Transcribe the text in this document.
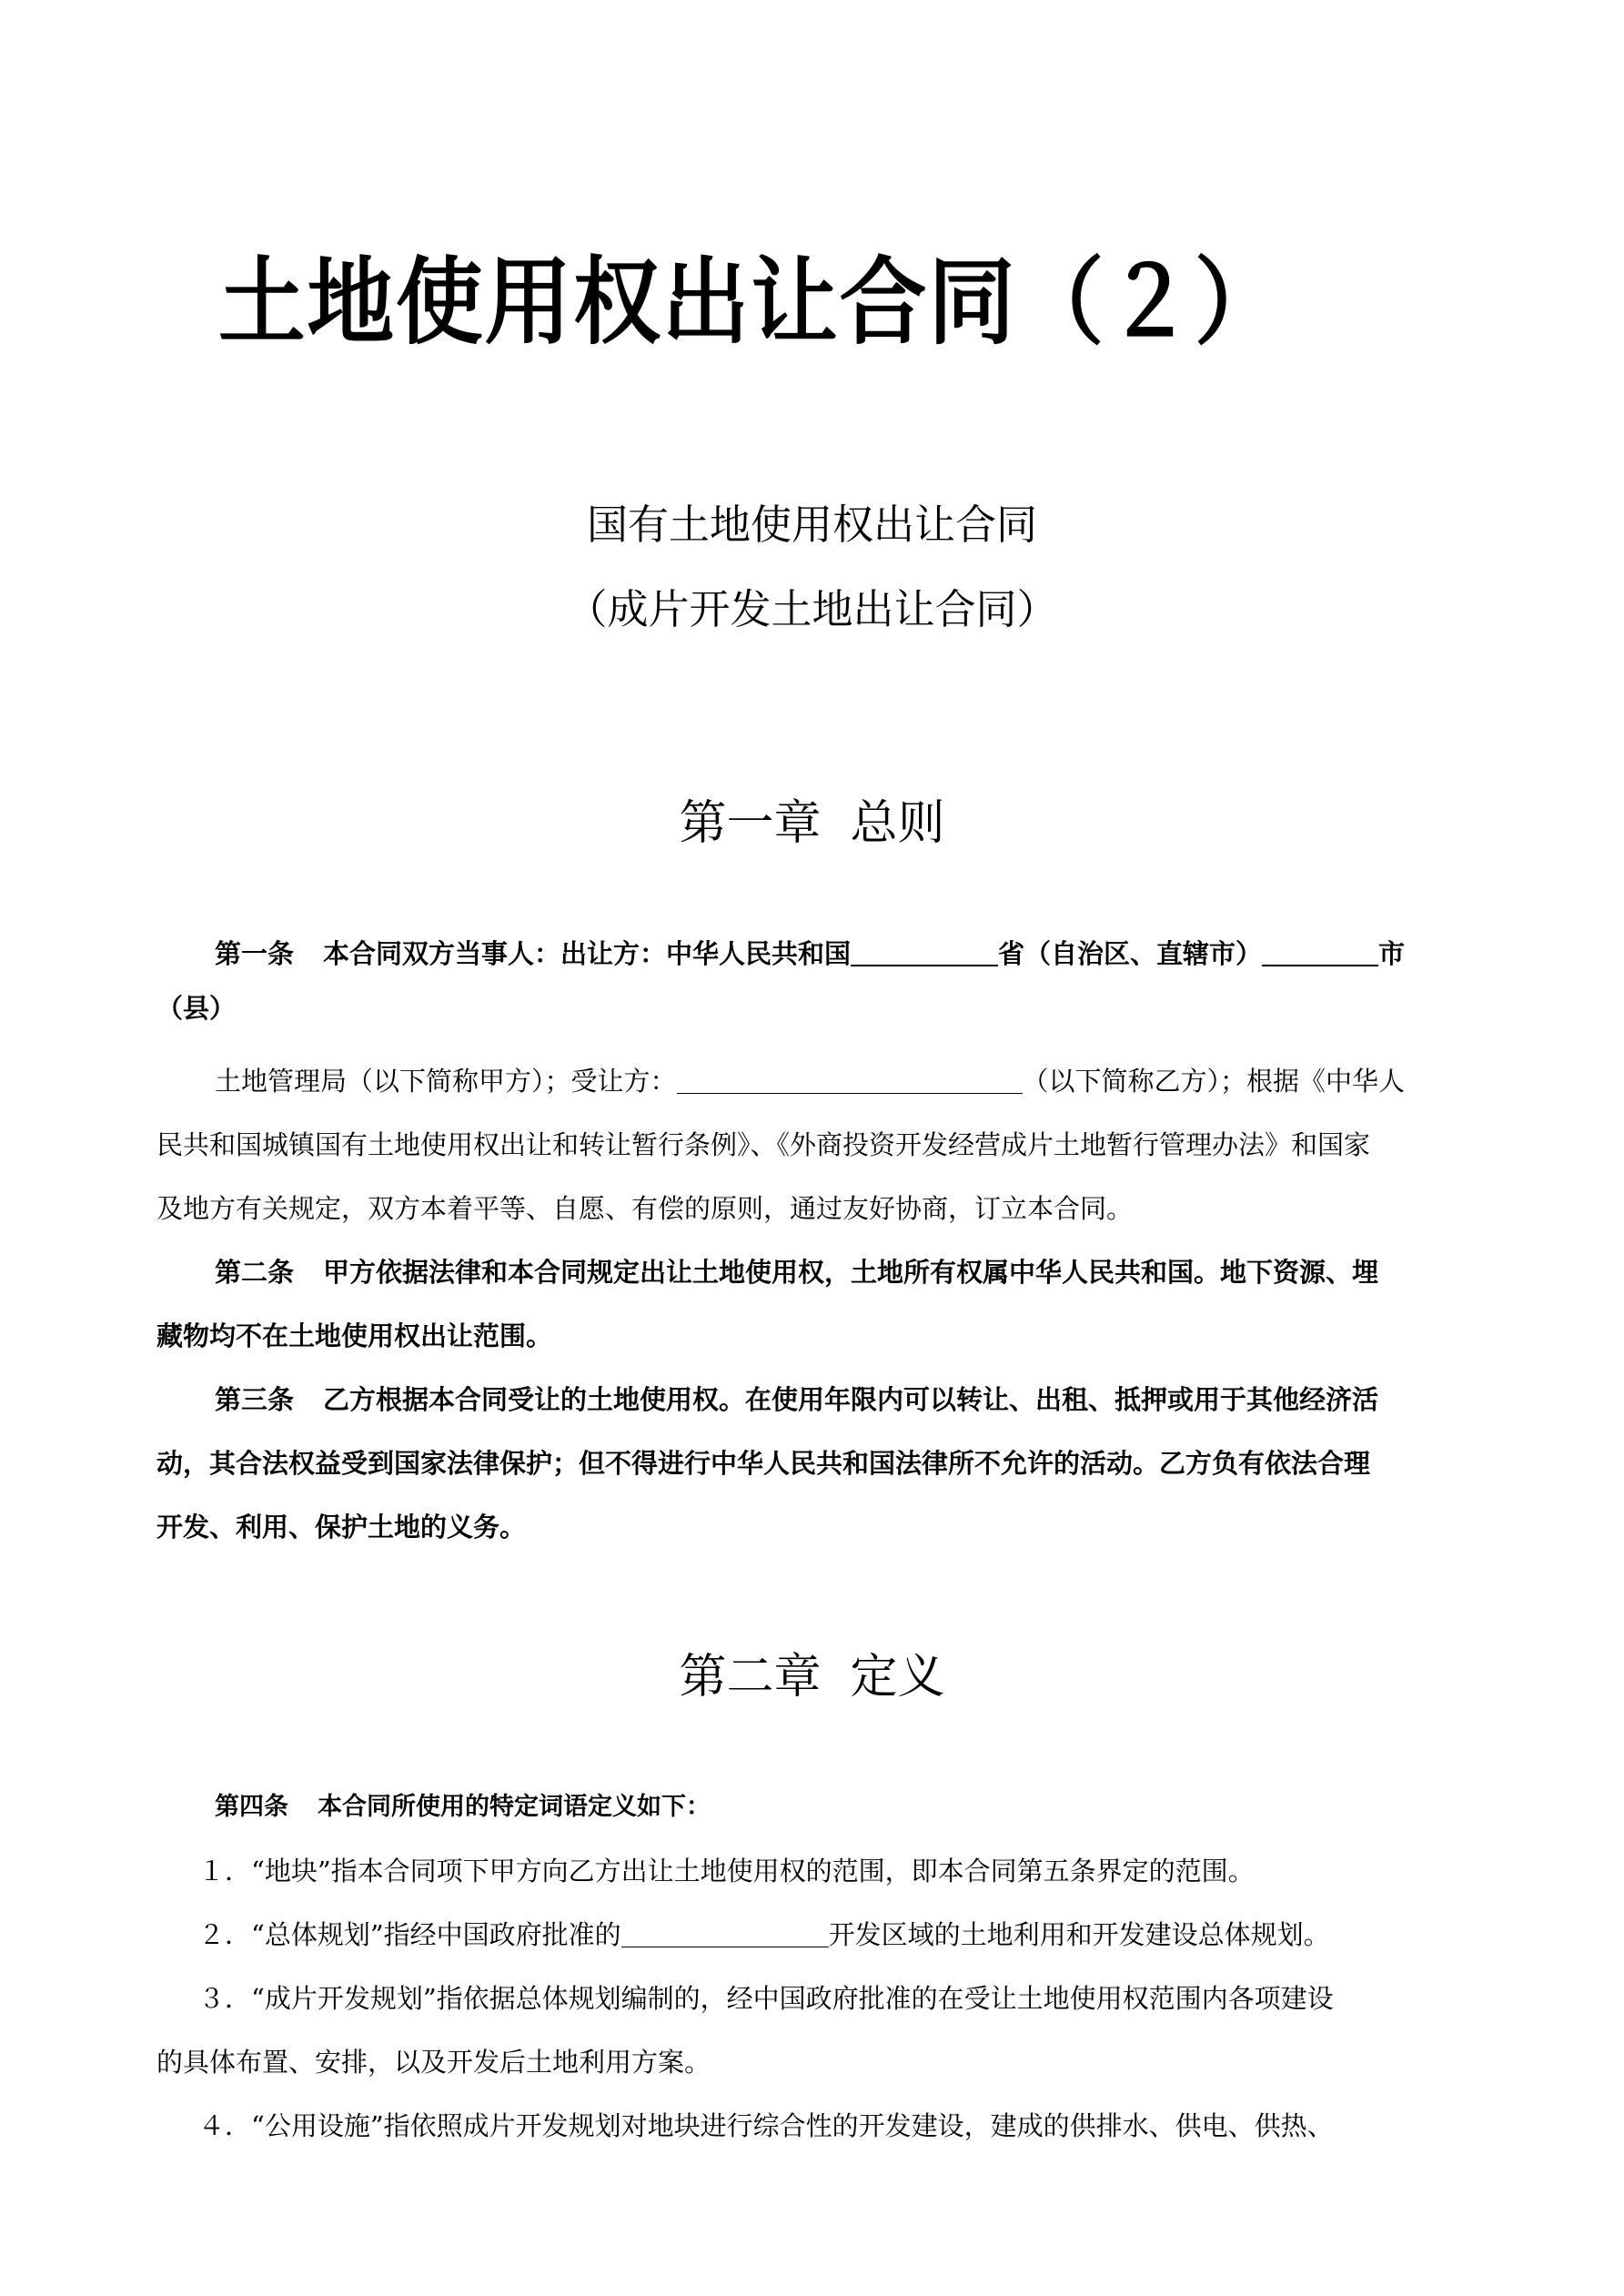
土地使用权出让合同（２）
国有土地使用权出让合同
（成片开发土地出让合同）
第一章 总则
第一条 本合同双方当事人：出让方：中华人民共和国	省（自治区、直辖市）	市
（县）
土地管理局（以下简称甲方）；受让方：	（以下简称乙方）；根据《中华人
民共和国城镇国有土地使用权出让和转让暂行条例》、《外商投资开发经营成片土地暂行管理办法》和国家
及地方有关规定，双方本着平等、自愿、有偿的原则，通过友好协商，订立本合同。
第二条 甲方依据法律和本合同规定出让土地使用权，土地所有权属中华人民共和国。地下资源、埋
藏物均不在土地使用权出让范围。
第三条 乙方根据本合同受让的土地使用权。在使用年限内可以转让、出租、抵押或用于其他经济活
动，其合法权益受到国家法律保护；但不得进行中华人民共和国法律所不允许的活动。乙方负有依法合理
开发、利用、保护土地的义务。
第二章 定义
第四条 本合同所使用的特定词语定义如下：
１．“地块”指本合同项下甲方向乙方出让土地使用权的范围，即本合同第五条界定的范围。
２．“总体规划”指经中国政府批准的	开发区域的土地利用和开发建设总体规划。
３．“成片开发规划”指依据总体规划编制的，经中国政府批准的在受让土地使用权范围内各项建设
的具体布置、安排，以及开发后土地利用方案。
４．“公用设施”指依照成片开发规划对地块进行综合性的开发建设，建成的供排水、供电、供热、
